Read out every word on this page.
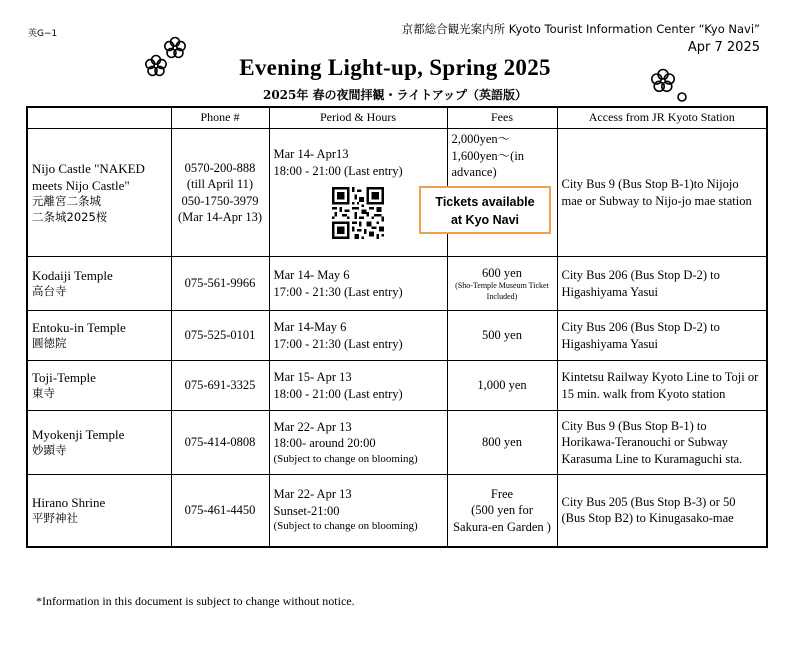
英G−1	京都総合観光案内所 Kyoto Tourist Information Center “Kyo Navi”
Apr 7 2025
Evening Light-up, Spring 2025
2025年 春の夜間拝観・ライトアップ（英語版）
	Phone #	Period & Hours	Fees	Access from JR Kyoto Station

Nijo Castle "NAKED meets Nijo Castle"
元離宮二条城
二条城2025桜	0570-200-888
(till April 11)
050-1750-3979
(Mar 14-Apr 13)	Mar 14- Apr13
18:00 - 21:00 (Last entry)	2,000yen～
1,600yen～(in advance)	City Bus 9 (Bus Stop B-1)to Nijojo mae or Subway to Nijo-jo mae station

Kodaiji Temple
高台寺	075-561-9966	Mar 14- May 6
17:00 - 21:30 (Last entry)	600 yen
(Sho-Temple Museum Ticket Included)	City Bus 206 (Bus Stop D-2) to Higashiyama Yasui

Entoku-in Temple
圓徳院	075-525-0101	Mar 14-May 6
17:00 - 21:30 (Last entry)	500 yen	City Bus 206 (Bus Stop D-2) to Higashiyama Yasui

Toji-Temple
東寺	075-691-3325	Mar 15- Apr 13
18:00 - 21:00 (Last entry)	1,000 yen	Kintetsu Railway Kyoto Line to Toji or 15 min. walk from Kyoto station

Myokenji Temple
妙顕寺	075-414-0808	Mar 22- Apr 13
18:00- around 20:00
(Subject to change on blooming)	800 yen	City Bus 9 (Bus Stop B-1) to Horikawa-Teranouchi or Subway Karasuma Line to Kuramaguchi sta.

Hirano Shrine
平野神社	075-461-4450	Mar 22- Apr 13
Sunset-21:00
(Subject to change on blooming)	Free
(500 yen for Sakura-en Garden )	City Bus 205 (Bus Stop B-3) or 50 (Bus Stop B2) to Kinugasako-mae
Tickets available
at Kyo Navi
*Information in this document is subject to change without notice.
